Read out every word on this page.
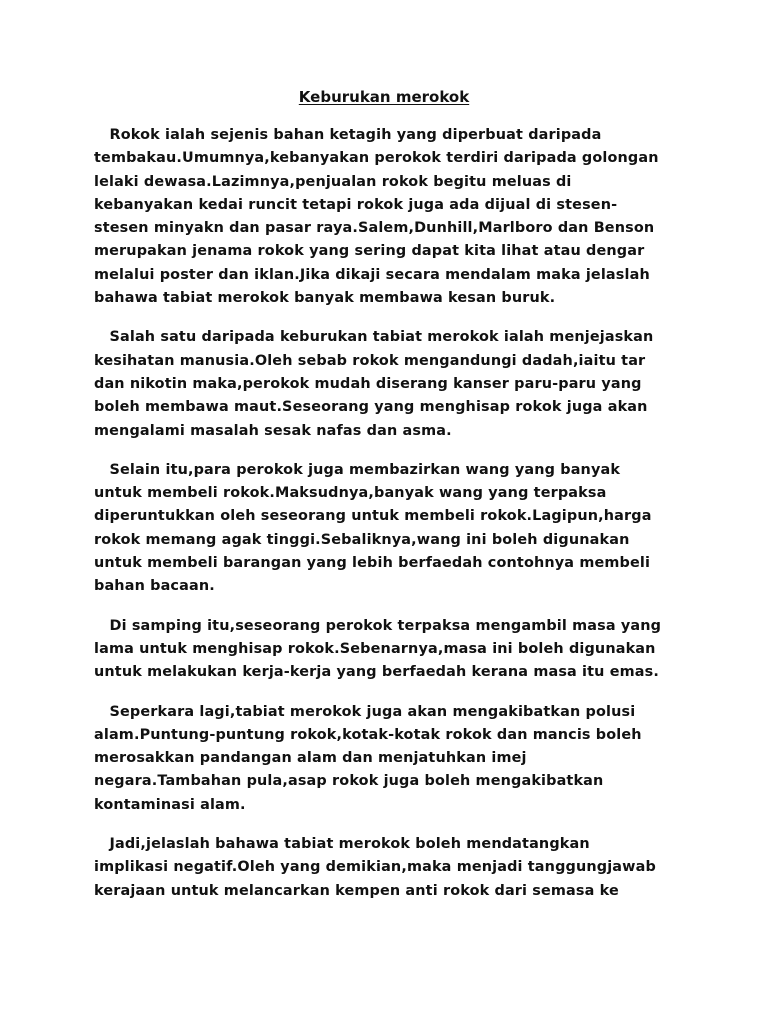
Keburukan merokok

Rokok ialah sejenis bahan ketagih yang diperbuat daripada
tembakau.Umumnya,kebanyakan perokok terdiri daripada golongan
lelaki dewasa.Lazimnya,penjualan rokok begitu meluas di
kebanyakan kedai runcit tetapi rokok juga ada dijual di stesen-
stesen minyakn dan pasar raya.Salem,Dunhill,Marlboro dan Benson
merupakan jenama rokok yang sering dapat kita lihat atau dengar
melalui poster dan iklan.Jika dikaji secara mendalam maka jelaslah
bahawa tabiat merokok banyak membawa kesan buruk.

Salah satu daripada keburukan tabiat merokok ialah menjejaskan
kesihatan manusia.Oleh sebab rokok mengandungi dadah,iaitu tar
dan nikotin maka,perokok mudah diserang kanser paru-paru yang
boleh membawa maut.Seseorang yang menghisap rokok juga akan
mengalami masalah sesak nafas dan asma.

Selain itu,para perokok juga membazirkan wang yang banyak
untuk membeli rokok.Maksudnya,banyak wang yang terpaksa
diperuntukkan oleh seseorang untuk membeli rokok.Lagipun,harga
rokok memang agak tinggi.Sebaliknya,wang ini boleh digunakan
untuk membeli barangan yang lebih berfaedah contohnya membeli
bahan bacaan.

Di samping itu,seseorang perokok terpaksa mengambil masa yang
lama untuk menghisap rokok.Sebenarnya,masa ini boleh digunakan
untuk melakukan kerja-kerja yang berfaedah kerana masa itu emas.

Seperkara lagi,tabiat merokok juga akan mengakibatkan polusi
alam.Puntung-puntung rokok,kotak-kotak rokok dan mancis boleh
merosakkan pandangan alam dan menjatuhkan imej
negara.Tambahan pula,asap rokok juga boleh mengakibatkan
kontaminasi alam.

Jadi,jelaslah bahawa tabiat merokok boleh mendatangkan
implikasi negatif.Oleh yang demikian,maka menjadi tanggungjawab
kerajaan untuk melancarkan kempen anti rokok dari semasa ke
